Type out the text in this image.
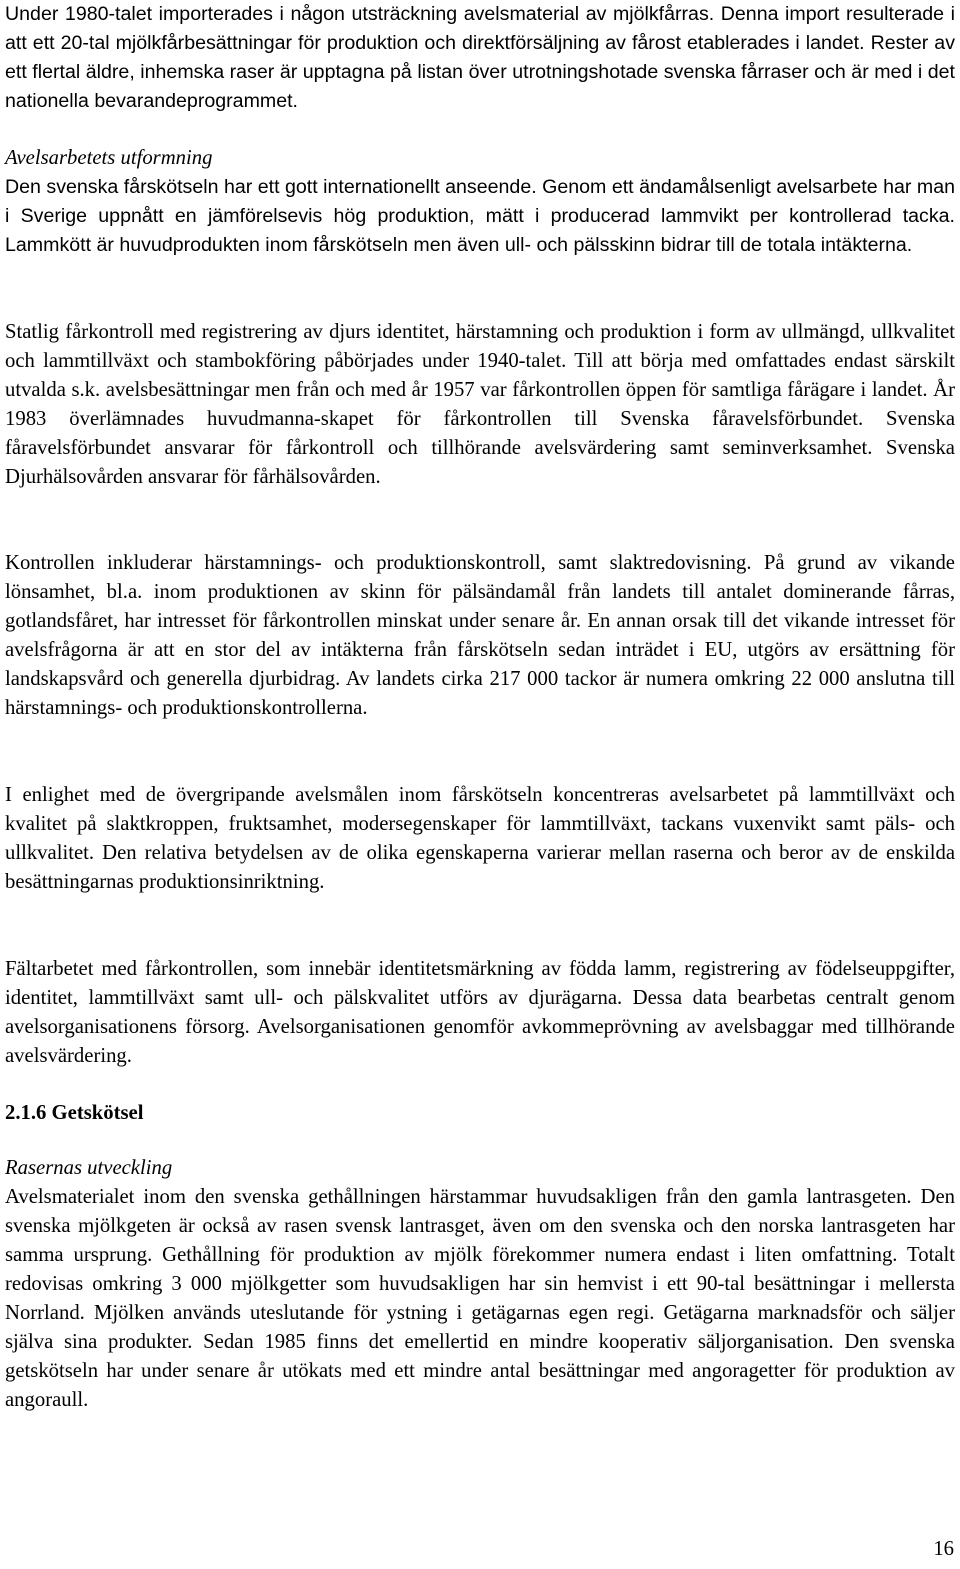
Under 1980-talet importerades i någon utsträckning avelsmaterial av mjölkfårras. Denna import resulterade i att ett 20-tal mjölkfårbesättningar för produktion och direktförsäljning av fårost etablerades i landet. Rester av ett flertal äldre, inhemska raser är upptagna på listan över utrotningshotade svenska fårraser och är med i det nationella bevarandeprogrammet.

Avelsarbetets utformning

Den svenska fårskötseln har ett gott internationellt anseende. Genom ett ändamålsenligt avelsarbete har man i Sverige uppnått en jämförelsevis hög produktion, mätt i producerad lammvikt per kontrollerad tacka. Lammkött är huvudprodukten inom fårskötseln men även ull- och pälsskinn bidrar till de totala intäkterna.

Statlig fårkontroll med registrering av djurs identitet, härstamning och produktion i form av ullmängd, ullkvalitet och lammtillväxt och stambokföring påbörjades under 1940-talet. Till att börja med omfattades endast särskilt utvalda s.k. avelsbesättningar men från och med år 1957 var fårkontrollen öppen för samtliga fårägare i landet. År 1983 överlämnades huvudmanna-skapet för fårkontrollen till Svenska fåravelsförbundet. Svenska fåravelsförbundet ansvarar för fårkontroll och tillhörande avelsvärdering samt seminverksamhet. Svenska Djurhälsovården ansvarar för fårhälsovården.

Kontrollen inkluderar härstamnings- och produktionskontroll, samt slaktredovisning. På grund av vikande lönsamhet, bl.a. inom produktionen av skinn för pälsändamål från landets till antalet dominerande fårras, gotlandsfåret, har intresset för fårkontrollen minskat under senare år. En annan orsak till det vikande intresset för avelsfrågorna är att en stor del av intäkterna från fårskötseln sedan inträdet i EU, utgörs av ersättning för landskapsvård och generella djurbidrag. Av landets cirka 217 000 tackor är numera omkring 22 000 anslutna till härstamnings- och produktionskontrollerna.

I enlighet med de övergripande avelsmålen inom fårskötseln koncentreras avelsarbetet på lammtillväxt och kvalitet på slaktkroppen, fruktsamhet, modersegenskaper för lammtillväxt, tackans vuxenvikt samt päls- och ullkvalitet. Den relativa betydelsen av de olika egenskaperna varierar mellan raserna och beror av de enskilda besättningarnas produktionsinriktning.

Fältarbetet med fårkontrollen, som innebär identitetsmärkning av födda lamm, registrering av födelseuppgifter, identitet, lammtillväxt samt ull- och pälskvalitet utförs av djurägarna. Dessa data bearbetas centralt genom avelsorganisationens försorg. Avelsorganisationen genomför avkommeprövning av avelsbaggar med tillhörande avelsvärdering.

2.1.6 Getskötsel

Rasernas utveckling

Avelsmaterialet inom den svenska gethållningen härstammar huvudsakligen från den gamla lantrasgeten. Den svenska mjölkgeten är också av rasen svensk lantrasget, även om den svenska och den norska lantrasgeten har samma ursprung. Gethållning för produktion av mjölk förekommer numera endast i liten omfattning. Totalt redovisas omkring 3 000 mjölkgetter som huvudsakligen har sin hemvist i ett 90-tal besättningar i mellersta Norrland. Mjölken används uteslutande för ystning i getägarnas egen regi. Getägarna marknadsför och säljer själva sina produkter. Sedan 1985 finns det emellertid en mindre kooperativ säljorganisation. Den svenska getskötseln har under senare år utökats med ett mindre antal besättningar med angoragetter för produktion av angoraull.

16
